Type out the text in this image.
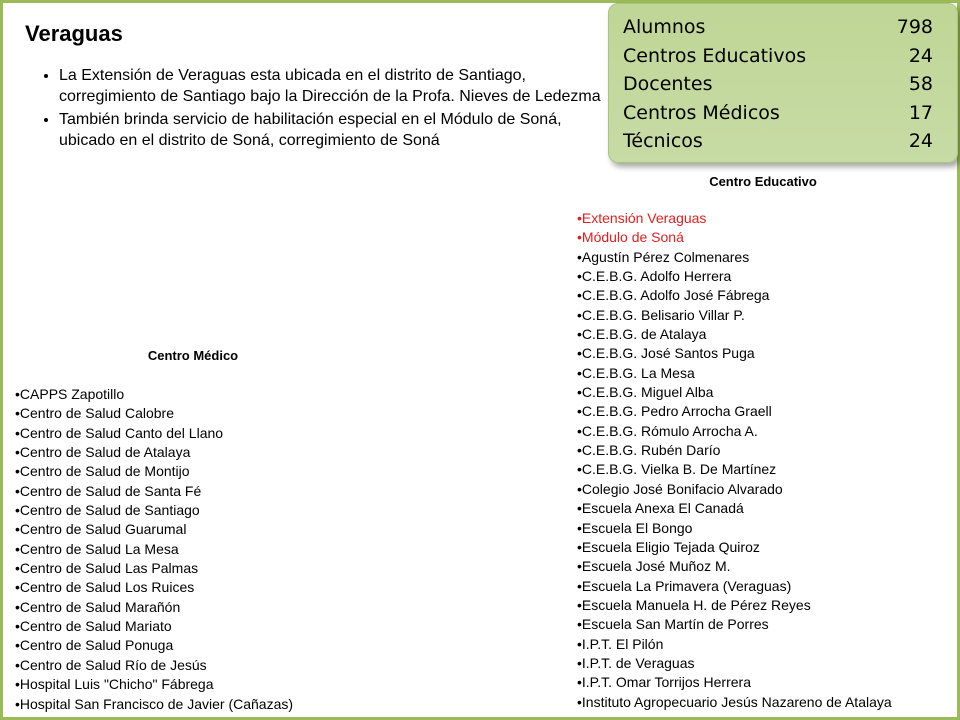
Veraguas
• La Extensión de Veraguas esta ubicada en el distrito de Santiago, corregimiento de Santiago bajo la Dirección de la Profa. Nieves de Ledezma
• También brinda servicio de habilitación especial en el Módulo de Soná, ubicado en el distrito de Soná, corregimiento de Soná
Alumnos	798
Centros Educativos	24
Docentes	58
Centros Médicos	17
Técnicos	24
Centro Educativo
• Extensión Veraguas
• Módulo de Soná
• Agustín Pérez Colmenares
• C.E.B.G. Adolfo Herrera
• C.E.B.G. Adolfo José Fábrega
• C.E.B.G. Belisario Villar P.
• C.E.B.G. de Atalaya
• C.E.B.G. José Santos Puga
• C.E.B.G. La Mesa
• C.E.B.G. Miguel Alba
• C.E.B.G. Pedro Arrocha Graell
• C.E.B.G. Rómulo Arrocha A.
• C.E.B.G. Rubén Darío
• C.E.B.G. Vielka B. De Martínez
• Colegio José Bonifacio Alvarado
• Escuela Anexa El Canadá
• Escuela El Bongo
• Escuela Eligio Tejada Quiroz
• Escuela José Muñoz M.
• Escuela La Primavera (Veraguas)
• Escuela Manuela H. de Pérez Reyes
• Escuela San Martín de Porres
• I.P.T. El Pilón
• I.P.T. de Veraguas
• I.P.T. Omar Torrijos Herrera
• Instituto Agropecuario Jesús Nazareno de Atalaya
Centro Médico
• CAPPS Zapotillo
• Centro de Salud Calobre
• Centro de Salud Canto del Llano
• Centro de Salud de Atalaya
• Centro de Salud de Montijo
• Centro de Salud de Santa Fé
• Centro de Salud de Santiago
• Centro de Salud Guarumal
• Centro de Salud La Mesa
• Centro de Salud Las Palmas
• Centro de Salud Los Ruices
• Centro de Salud Marañón
• Centro de Salud Mariato
• Centro de Salud Ponuga
• Centro de Salud Río de Jesús
• Hospital Luis "Chicho" Fábrega
• Hospital San Francisco de Javier (Cañazas)
